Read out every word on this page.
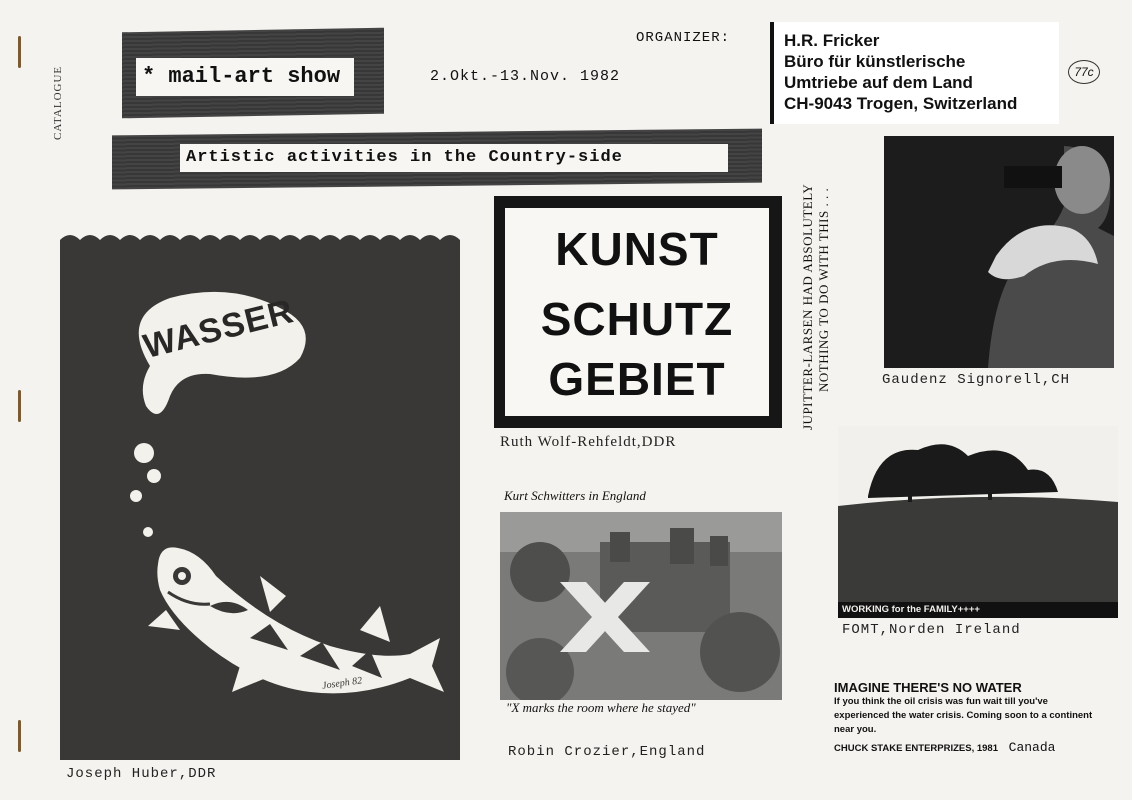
CATALOGUE	* mail-art show	2.Okt.-13.Nov. 1982
ORGANIZER:	H.R. Fricker
Büro für künstlerische
Umtriebe auf dem Land
CH-9043 Trogen, Switzerland
77c
Artistic activities in the Country-side
WASSER
Joseph 82
Joseph Huber,DDR
KUNST
SCHUTZ
GEBIET
Ruth Wolf-Rehfeldt,DDR
JUPITTER-LARSEN HAD ABSOLUTELY NOTHING TO DO WITH THIS . . .	Gaudenz Signorell,CH
Kurt Schwitters in England
"X marks the room where he stayed"
Robin Crozier,England
WORKING for the FAMILY++++
FOMT,Norden Ireland
IMAGINE THERE'S NO WATER
If you think the oil crisis was fun wait till you've
experienced the water crisis. Coming soon to a continent
near you.
CHUCK STAKE ENTERPRIZES, 1981 Canada
